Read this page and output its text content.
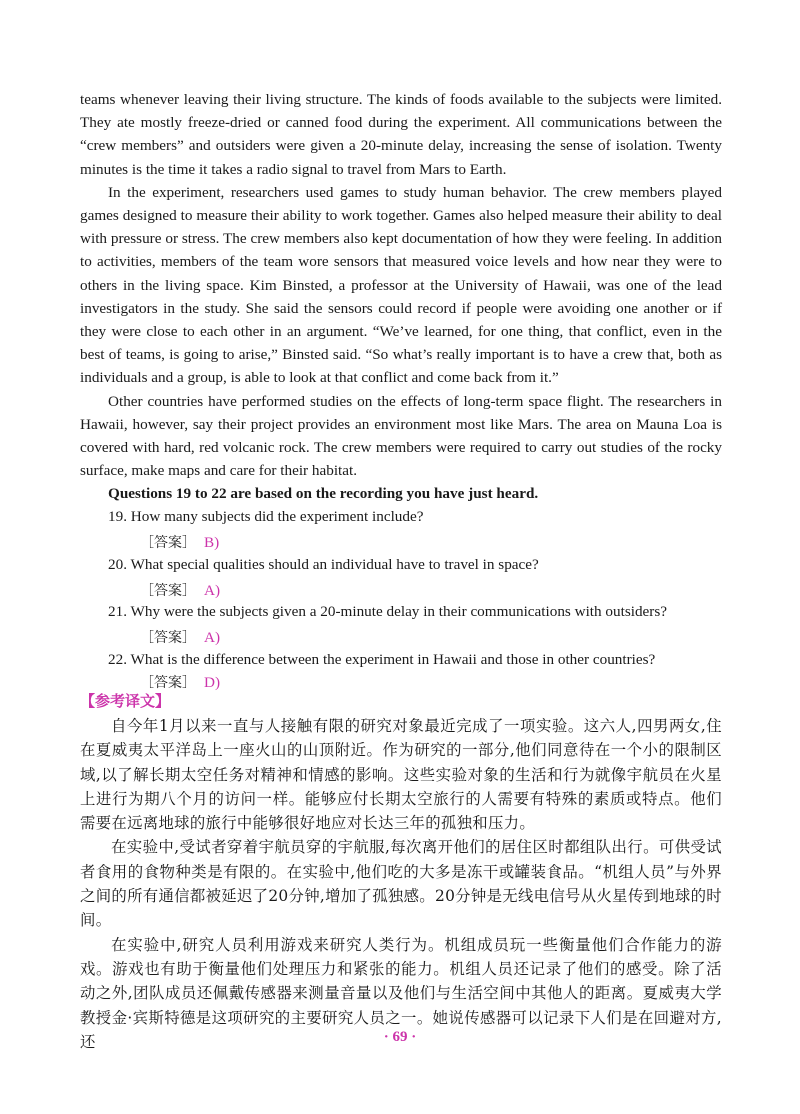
teams whenever leaving their living structure. The kinds of foods available to the subjects were limited. They ate mostly freeze-dried or canned food during the experiment. All communications between the “crew members” and outsiders were given a 20-minute delay, increasing the sense of isolation. Twenty minutes is the time it takes a radio signal to travel from Mars to Earth.

In the experiment, researchers used games to study human behavior. The crew members played games designed to measure their ability to work together. Games also helped measure their ability to deal with pressure or stress. The crew members also kept documentation of how they were feeling. In addition to activities, members of the team wore sensors that measured voice levels and how near they were to others in the living space. Kim Binsted, a professor at the University of Hawaii, was one of the lead investigators in the study. She said the sensors could record if people were avoiding one another or if they were close to each other in an argument. “We’ve learned, for one thing, that conflict, even in the best of teams, is going to arise,” Binsted said. “So what’s really important is to have a crew that, both as individuals and a group, is able to look at that conflict and come back from it.”

Other countries have performed studies on the effects of long-term space flight. The researchers in Hawaii, however, say their project provides an environment most like Mars. The area on Mauna Loa is covered with hard, red volcanic rock. The crew members were required to carry out studies of the rocky surface, make maps and care for their habitat.

Questions 19 to 22 are based on the recording you have just heard.
19. How many subjects did the experiment include?
［答案］ B)
20. What special qualities should an individual have to travel in space?
［答案］ A)
21. Why were the subjects given a 20-minute delay in their communications with outsiders?
［答案］ A)
22. What is the difference between the experiment in Hawaii and those in other countries?
［答案］ D)
【参考译文】

自今年1月以来一直与人接触有限的研究对象最近完成了一项实验。这六人,四男两女,住在夏威夷太平洋岛上一座火山的山顶附近。作为研究的一部分,他们同意待在一个小的限制区域,以了解长期太空任务对精神和情感的影响。这些实验对象的生活和行为就像宇航员在火星上进行为期八个月的访问一样。能够应付长期太空旅行的人需要有特殊的素质或特点。他们需要在远离地球的旅行中能够很好地应对长达三年的孤独和压力。

在实验中,受试者穿着宇航员穿的宇航服,每次离开他们的居住区时都组队出行。可供受试者食用的食物种类是有限的。在实验中,他们吃的大多是冻干或罐装食品。“机组人员”与外界之间的所有通信都被延迟了20分钟,增加了孤独感。20分钟是无线电信号从火星传到地球的时间。

在实验中,研究人员利用游戏来研究人类行为。机组成员玩一些衡量他们合作能力的游戏。游戏也有助于衡量他们处理压力和紧张的能力。机组人员还记录了他们的感受。除了活动之外,团队成员还佩戴传感器来测量音量以及他们与生活空间中其他人的距离。夏威夷大学教授金·宾斯特德是这项研究的主要研究人员之一。她说传感器可以记录下人们是在回避对方,还	· 69 ·
